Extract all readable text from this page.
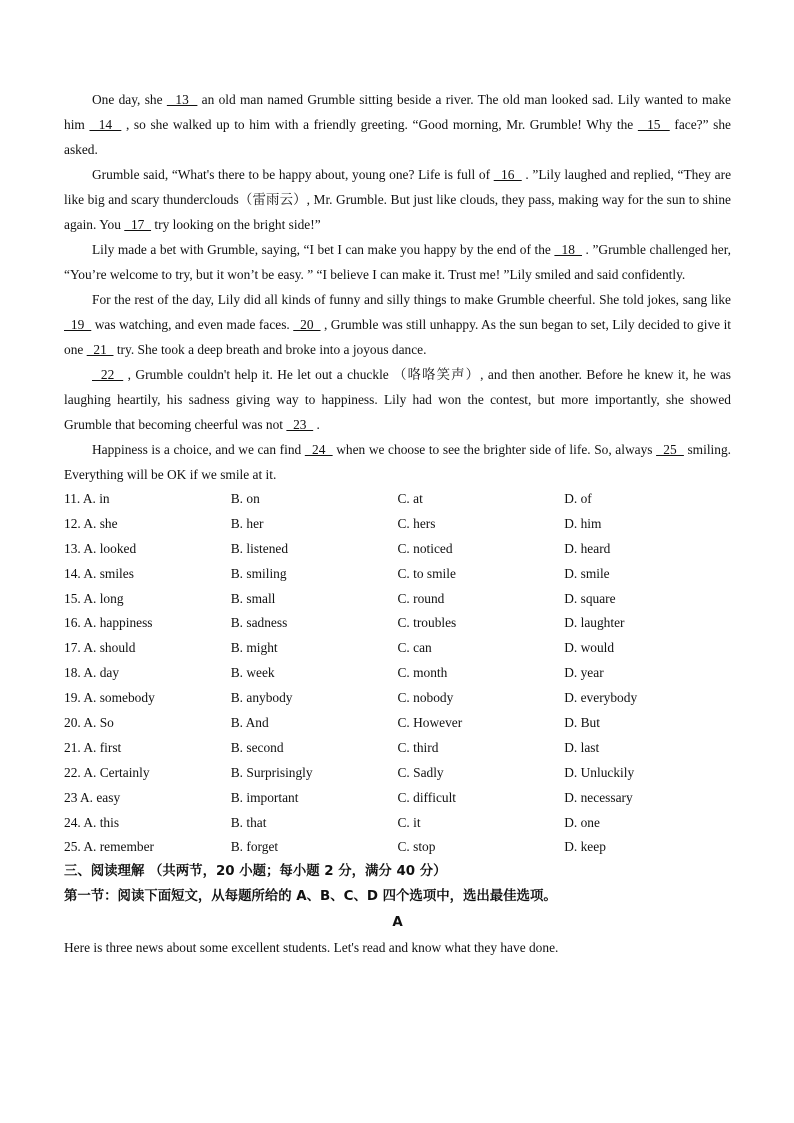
One day, she   13   an old man named Grumble sitting beside a river. The old man looked sad. Lily wanted to make him   14   , so she walked up to him with a friendly greeting. “Good morning, Mr. Grumble! Why the   15   face?” she asked.

Grumble said, “What's there to be happy about, young one? Life is full of   16   . ”Lily laughed and replied, “They are like big and scary thunderclouds（雷雨云）, Mr. Grumble. But just like clouds, they pass, making way for the sun to shine again. You   17   try looking on the bright side!”

Lily made a bet with Grumble, saying, “I bet I can make you happy by the end of the   18   . ”Grumble challenged her, “You’re welcome to try, but it won’t be easy. ” “I believe I can make it. Trust me! ”Lily smiled and said confidently.

For the rest of the day, Lily did all kinds of funny and silly things to make Grumble cheerful. She told jokes, sang like   19   was watching, and even made faces.   20   , Grumble was still unhappy. As the sun began to set, Lily decided to give it one   21   try. She took a deep breath and broke into a joyous dance.

22   , Grumble couldn't help it. He let out a chuckle （咯咯笑声）, and then another. Before he knew it, he was laughing heartily, his sadness giving way to happiness. Lily had won the contest, but more importantly, she showed Grumble that becoming cheerful was not   23   .

Happiness is a choice, and we can find   24   when we choose to see the brighter side of life. So, always   25   smiling. Everything will be OK if we smile at it.

11. A. in	B. on	C. at	D. of
12. A. she	B. her	C. hers	D. him
13. A. looked	B. listened	C. noticed	D. heard
14. A. smiles	B. smiling	C. to smile	D. smile
15. A. long	B. small	C. round	D. square
16. A. happiness	B. sadness	C. troubles	D. laughter
17. A. should	B. might	C. can	D. would
18. A. day	B. week	C. month	D. year
19. A. somebody	B. anybody	C. nobody	D. everybody
20. A. So	B. And	C. However	D. But
21. A. first	B. second	C. third	D. last
22. A. Certainly	B. Surprisingly	C. Sadly	D. Unluckily
23 A. easy	B. important	C. difficult	D. necessary
24. A. this	B. that	C. it	D. one
25. A. remember	B. forget	C. stop	D. keep

三、阅读理解 （共两节，20 小题；每小题 2 分，满分 40 分）

第一节：阅读下面短文，从每题所给的 A、B、C、D 四个选项中，选出最佳选项。

A

Here is three news about some excellent students. Let's read and know what they have done.
